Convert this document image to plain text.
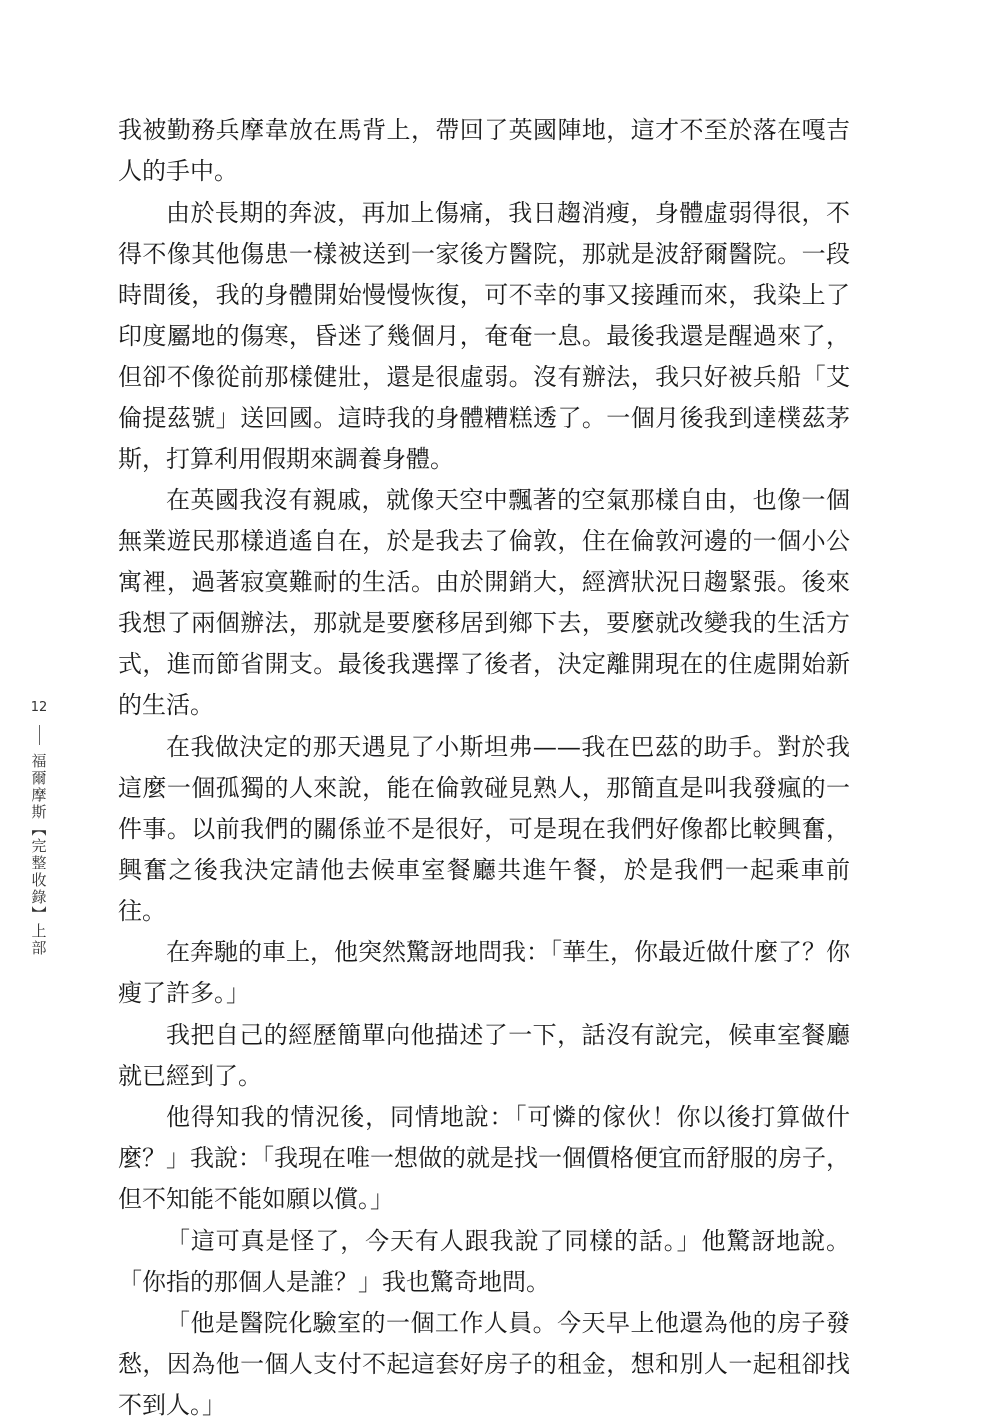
12
福爾摩斯【完整收錄】上部

我被勤務兵摩韋放在馬背上，帶回了英國陣地，這才不至於落在嘎吉人的手中。

由於長期的奔波，再加上傷痛，我日趨消瘦，身體虛弱得很，不得不像其他傷患一樣被送到一家後方醫院，那就是波舒爾醫院。一段時間後，我的身體開始慢慢恢復，可不幸的事又接踵而來，我染上了印度屬地的傷寒，昏迷了幾個月，奄奄一息。最後我還是醒過來了，但卻不像從前那樣健壯，還是很虛弱。沒有辦法，我只好被兵船「艾倫提茲號」送回國。這時我的身體糟糕透了。一個月後我到達樸茲茅斯，打算利用假期來調養身體。

在英國我沒有親戚，就像天空中飄著的空氣那樣自由，也像一個無業遊民那樣逍遙自在，於是我去了倫敦，住在倫敦河邊的一個小公寓裡，過著寂寞難耐的生活。由於開銷大，經濟狀況日趨緊張。後來我想了兩個辦法，那就是要麼移居到鄉下去，要麼就改變我的生活方式，進而節省開支。最後我選擇了後者，決定離開現在的住處開始新的生活。

在我做決定的那天遇見了小斯坦弗——我在巴茲的助手。對於我這麼一個孤獨的人來說，能在倫敦碰見熟人，那簡直是叫我發瘋的一件事。以前我們的關係並不是很好，可是現在我們好像都比較興奮，興奮之後我決定請他去候車室餐廳共進午餐，於是我們一起乘車前往。

在奔馳的車上，他突然驚訝地問我：「華生，你最近做什麼了？你瘦了許多。」

我把自己的經歷簡單向他描述了一下，話沒有說完，候車室餐廳就已經到了。

他得知我的情況後，同情地說：「可憐的傢伙！你以後打算做什麼？」我說：「我現在唯一想做的就是找一個價格便宜而舒服的房子，但不知能不能如願以償。」

「這可真是怪了，今天有人跟我說了同樣的話。」他驚訝地說。「你指的那個人是誰？」我也驚奇地問。

「他是醫院化驗室的一個工作人員。今天早上他還為他的房子發愁，因為他一個人支付不起這套好房子的租金，想和別人一起租卻找不到人。」
